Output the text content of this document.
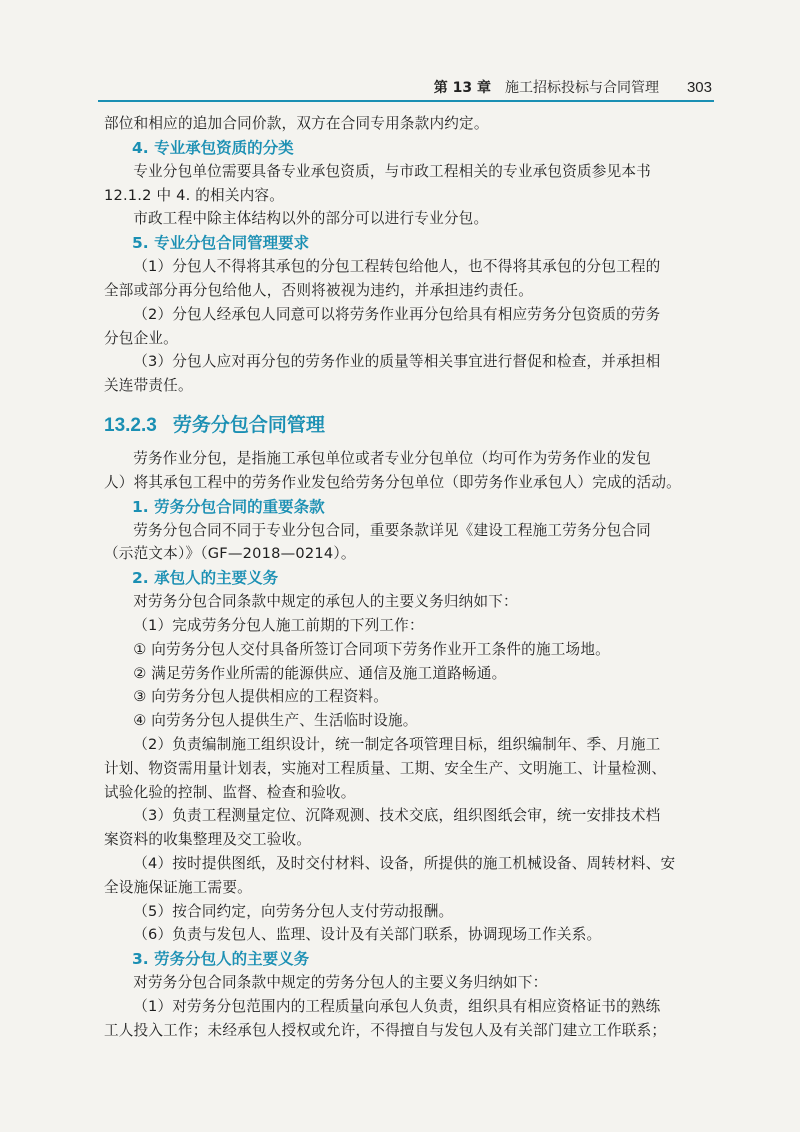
第 13 章 施工招标投标与合同管理 303
部位和相应的追加合同价款，双方在合同专用条款内约定。
4. 专业承包资质的分类
专业分包单位需要具备专业承包资质，与市政工程相关的专业承包资质参见本书
12.1.2 中 4. 的相关内容。
市政工程中除主体结构以外的部分可以进行专业分包。
5. 专业分包合同管理要求
（1）分包人不得将其承包的分包工程转包给他人，也不得将其承包的分包工程的
全部或部分再分包给他人，否则将被视为违约，并承担违约责任。
（2）分包人经承包人同意可以将劳务作业再分包给具有相应劳务分包资质的劳务
分包企业。
（3）分包人应对再分包的劳务作业的质量等相关事宜进行督促和检查，并承担相
关连带责任。
13.2.3 劳务分包合同管理
劳务作业分包，是指施工承包单位或者专业分包单位（均可作为劳务作业的发包
人）将其承包工程中的劳务作业发包给劳务分包单位（即劳务作业承包人）完成的活动。
1. 劳务分包合同的重要条款
劳务分包合同不同于专业分包合同，重要条款详见《建设工程施工劳务分包合同
（示范文本）》（GF—2018—0214）。
2. 承包人的主要义务
对劳务分包合同条款中规定的承包人的主要义务归纳如下：
（1）完成劳务分包人施工前期的下列工作：
① 向劳务分包人交付具备所签订合同项下劳务作业开工条件的施工场地。
② 满足劳务作业所需的能源供应、通信及施工道路畅通。
③ 向劳务分包人提供相应的工程资料。
④ 向劳务分包人提供生产、生活临时设施。
（2）负责编制施工组织设计，统一制定各项管理目标，组织编制年、季、月施工
计划、物资需用量计划表，实施对工程质量、工期、安全生产、文明施工、计量检测、
试验化验的控制、监督、检查和验收。
（3）负责工程测量定位、沉降观测、技术交底，组织图纸会审，统一安排技术档
案资料的收集整理及交工验收。
（4）按时提供图纸，及时交付材料、设备，所提供的施工机械设备、周转材料、安
全设施保证施工需要。
（5）按合同约定，向劳务分包人支付劳动报酬。
（6）负责与发包人、监理、设计及有关部门联系，协调现场工作关系。
3. 劳务分包人的主要义务
对劳务分包合同条款中规定的劳务分包人的主要义务归纳如下：
（1）对劳务分包范围内的工程质量向承包人负责，组织具有相应资格证书的熟练
工人投入工作；未经承包人授权或允许，不得擅自与发包人及有关部门建立工作联系；
